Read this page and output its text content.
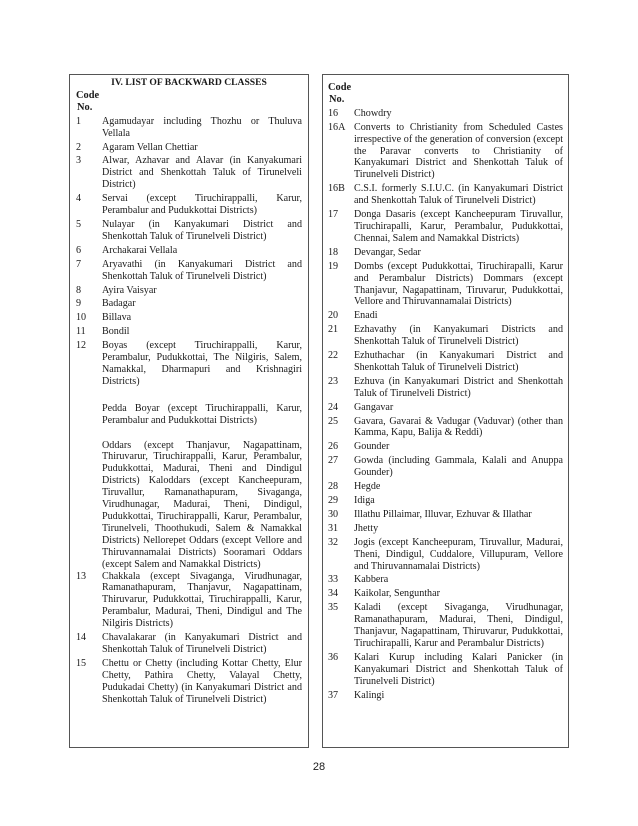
IV. LIST OF BACKWARD CLASSES
Code
No.
1	Agamudayar including Thozhu or Thuluva Vellala
2	Agaram Vellan Chettiar
3	Alwar, Azhavar and Alavar (in Kanyakumari District and Shenkottah Taluk of Tirunelveli District)
4	Servai (except Tiruchirappalli, Karur, Perambalur and Pudukkottai Districts)
5	Nulayar (in Kanyakumari District and Shenkottah Taluk of Tirunelveli District)
6	Archakarai Vellala
7	Aryavathi (in Kanyakumari District and Shenkottah Taluk of Tirunelveli District)
8	Ayira Vaisyar
9	Badagar
10	Billava
11	Bondil
12	Boyas (except Tiruchirappalli, Karur, Perambalur, Pudukkottai, The Nilgiris, Salem, Namakkal, Dharmapuri and Krishnagiri Districts)
Pedda Boyar (except Tiruchirappalli, Karur, Perambalur and Pudukkottai Districts)
Oddars (except Thanjavur, Nagapattinam, Thiruvarur, Tiruchirappalli, Karur, Perambalur, Pudukkottai, Madurai, Theni and Dindigul Districts) Kaloddars (except Kancheepuram, Tiruvallur, Ramanathapuram, Sivaganga, Virudhunagar, Madurai, Theni, Dindigul, Pudukkottai, Tiruchirappalli, Karur, Perambalur, Tirunelveli, Thoothukudi, Salem & Namakkal Districts) Nellorepet Oddars (except Vellore and Thiruvannamalai Districts) Sooramari Oddars (except Salem and Namakkal Districts)
13	Chakkala (except Sivaganga, Virudhunagar, Ramanathapuram, Thanjavur, Nagapattinam, Thiruvarur, Pudukkottai, Tiruchirappalli, Karur, Perambalur, Madurai, Theni, Dindigul and The Nilgiris Districts)
14	Chavalakarar (in Kanyakumari District and Shenkottah Taluk of Tirunelveli District)
15	Chettu or Chetty (including Kottar Chetty, Elur Chetty, Pathira Chetty, Valayal Chetty, Pudukadai Chetty) (in Kanyakumari District and Shenkottah Taluk of Tirunelveli District)
Code
No.
16	Chowdry
16A Converts to Christianity from Scheduled Castes irrespective of the generation of conversion (except the Paravar converts to Christianity of Kanyakumari District and Shenkottah Taluk of Tirunelveli District)
16B C.S.I. formerly S.I.U.C. (in Kanyakumari District and Shenkottah Taluk of Tirunelveli District)
17	Donga Dasaris (except Kancheepuram Tiruvallur, Tiruchirapalli, Karur, Perambalur, Pudukkottai, Chennai, Salem and Namakkal Districts)
18	Devangar, Sedar
19	Dombs (except Pudukkottai, Tiruchirapalli, Karur and Perambalur Districts) Dommars (except Thanjavur, Nagapattinam, Tiruvarur, Pudukkottai, Vellore and Thiruvannamalai Districts)
20	Enadi
21	Ezhavathy (in Kanyakumari Districts and Shenkottah Taluk of Tirunelveli District)
22	Ezhuthachar (in Kanyakumari District and Shenkottah Taluk of Tirunelveli District)
23	Ezhuva (in Kanyakumari District and Shenkottah Taluk of Tirunelveli District)
24	Gangavar
25	Gavara, Gavarai & Vadugar (Vaduvar) (other than Kamma, Kapu, Balija & Reddi)
26	Gounder
27	Gowda (including Gammala, Kalali and Anuppa Gounder)
28	Hegde
29	Idiga
30	Illathu Pillaimar, Illuvar, Ezhuvar & Illathar
31	Jhetty
32	Jogis (except Kancheepuram, Tiruvallur, Madurai, Theni, Dindigul, Cuddalore, Villupuram, Vellore and Thiruvannamalai Districts)
33	Kabbera
34	Kaikolar, Sengunthar
35	Kaladi (except Sivaganga, Virudhunagar, Ramanathapuram, Madurai, Theni, Dindigul, Thanjavur, Nagapattinam, Thiruvarur, Pudukkottai, Tiruchirapalli, Karur and Perambalur Districts)
36	Kalari Kurup including Kalari Panicker (in Kanyakumari District and Shenkottah Taluk of Tirunelveli District)
37	Kalingi
28
